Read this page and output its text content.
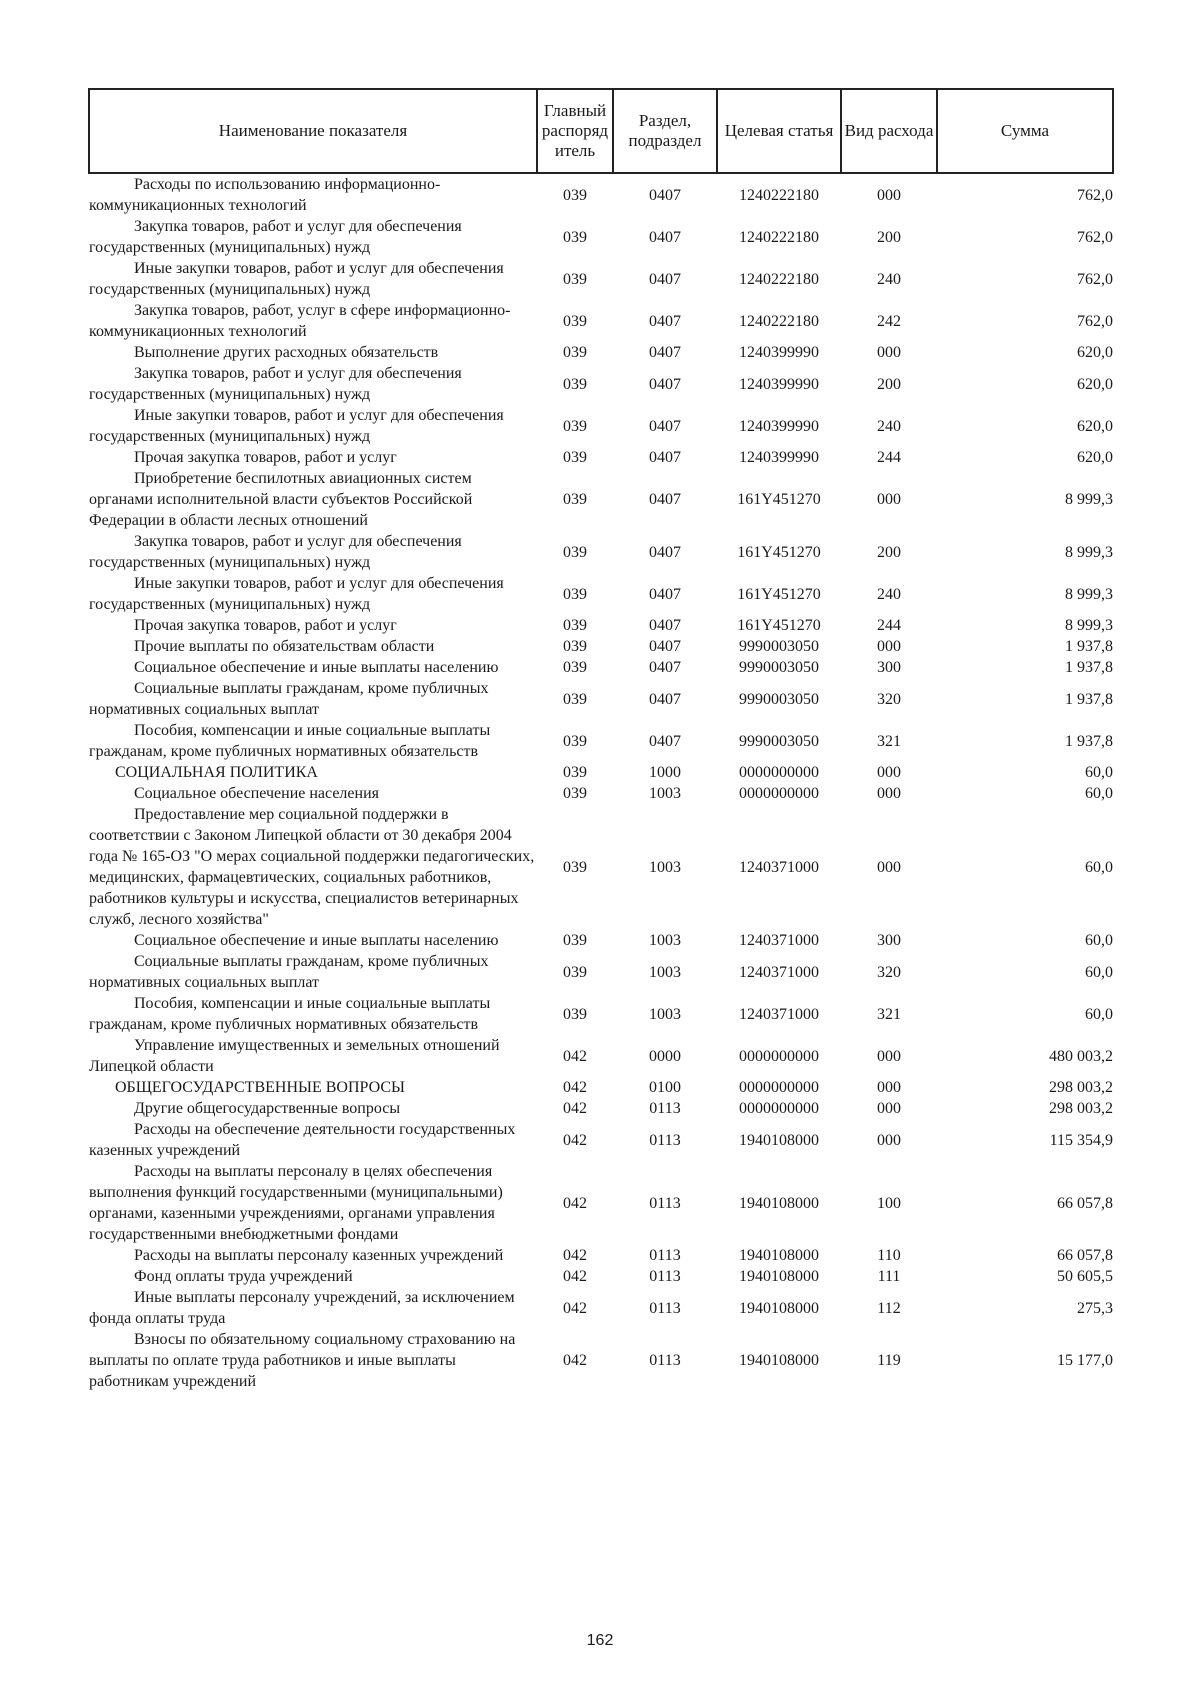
Наименование показателя	Главный распоряд итель	Раздел, подраздел	Целевая статья	Вид расхода	Сумма
Расходы по использованию информационно-коммуникационных технологий	039	0407	1240222180	000	762,0
Закупка товаров, работ и услуг для обеспечения государственных (муниципальных) нужд	039	0407	1240222180	200	762,0
Иные закупки товаров, работ и услуг для обеспечения государственных (муниципальных) нужд	039	0407	1240222180	240	762,0
Закупка товаров, работ, услуг в сфере информационно-коммуникационных технологий	039	0407	1240222180	242	762,0
Выполнение других расходных обязательств	039	0407	1240399990	000	620,0
Закупка товаров, работ и услуг для обеспечения государственных (муниципальных) нужд	039	0407	1240399990	200	620,0
Иные закупки товаров, работ и услуг для обеспечения государственных (муниципальных) нужд	039	0407	1240399990	240	620,0
Прочая закупка товаров, работ и услуг	039	0407	1240399990	244	620,0
Приобретение беспилотных авиационных систем органами исполнительной власти субъектов Российской Федерации в области лесных отношений	039	0407	161Y451270	000	8 999,3
Закупка товаров, работ и услуг для обеспечения государственных (муниципальных) нужд	039	0407	161Y451270	200	8 999,3
Иные закупки товаров, работ и услуг для обеспечения государственных (муниципальных) нужд	039	0407	161Y451270	240	8 999,3
Прочая закупка товаров, работ и услуг	039	0407	161Y451270	244	8 999,3
Прочие выплаты по обязательствам области	039	0407	9990003050	000	1 937,8
Социальное обеспечение и иные выплаты населению	039	0407	9990003050	300	1 937,8
Социальные выплаты гражданам, кроме публичных нормативных социальных выплат	039	0407	9990003050	320	1 937,8
Пособия, компенсации и иные социальные выплаты гражданам, кроме публичных нормативных обязательств	039	0407	9990003050	321	1 937,8
СОЦИАЛЬНАЯ ПОЛИТИКА	039	1000	0000000000	000	60,0
Социальное обеспечение населения	039	1003	0000000000	000	60,0
Предоставление мер социальной поддержки в соответствии с Законом Липецкой области от 30 декабря 2004 года № 165-ОЗ "О мерах социальной поддержки педагогических, медицинских, фармацевтических, социальных работников, работников культуры и искусства, специалистов ветеринарных служб, лесного хозяйства"	039	1003	1240371000	000	60,0
Социальное обеспечение и иные выплаты населению	039	1003	1240371000	300	60,0
Социальные выплаты гражданам, кроме публичных нормативных социальных выплат	039	1003	1240371000	320	60,0
Пособия, компенсации и иные социальные выплаты гражданам, кроме публичных нормативных обязательств	039	1003	1240371000	321	60,0
Управление имущественных и земельных отношений Липецкой области	042	0000	0000000000	000	480 003,2
ОБЩЕГОСУДАРСТВЕННЫЕ ВОПРОСЫ	042	0100	0000000000	000	298 003,2
Другие общегосударственные вопросы	042	0113	0000000000	000	298 003,2
Расходы на обеспечение деятельности государственных казенных учреждений	042	0113	1940108000	000	115 354,9
Расходы на выплаты персоналу в целях обеспечения выполнения функций государственными (муниципальными) органами, казенными учреждениями, органами управления государственными внебюджетными фондами	042	0113	1940108000	100	66 057,8
Расходы на выплаты персоналу казенных учреждений	042	0113	1940108000	110	66 057,8
Фонд оплаты труда учреждений	042	0113	1940108000	111	50 605,5
Иные выплаты персоналу учреждений, за исключением фонда оплаты труда	042	0113	1940108000	112	275,3
Взносы по обязательному социальному страхованию на выплаты по оплате труда работников и иные выплаты работникам учреждений	042	0113	1940108000	119	15 177,0
162
